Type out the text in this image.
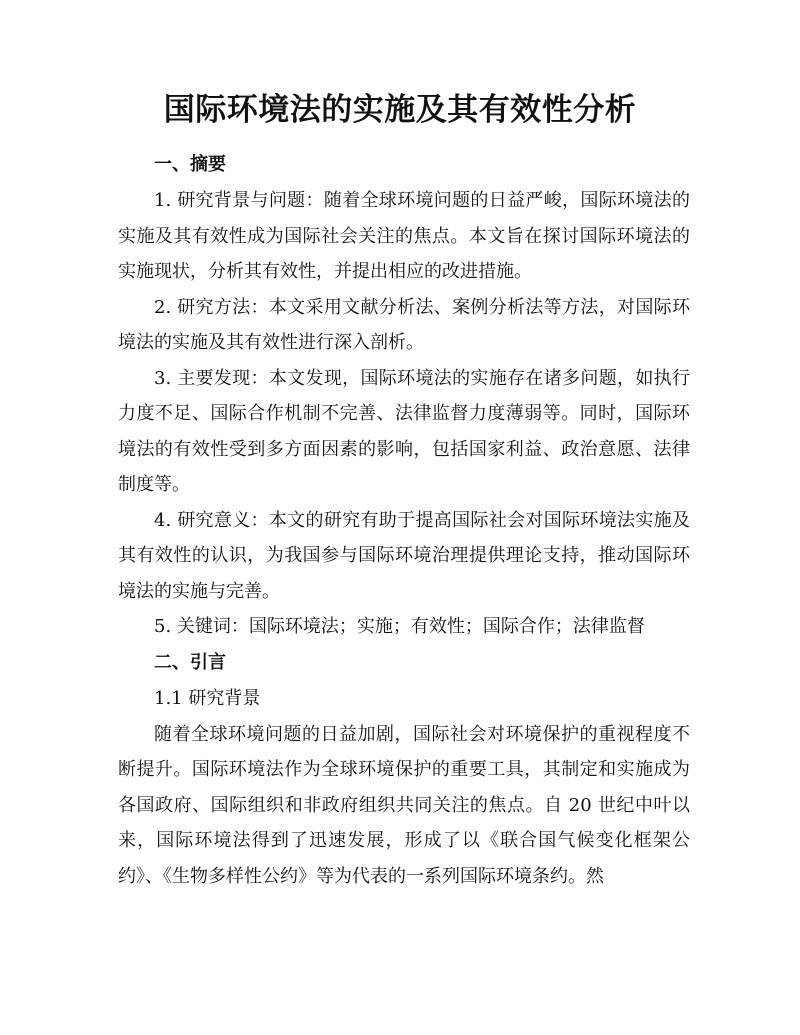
国际环境法的实施及其有效性分析

一、摘要

1. 研究背景与问题：随着全球环境问题的日益严峻，国际环境法的实施及其有效性成为国际社会关注的焦点。本文旨在探讨国际环境法的实施现状，分析其有效性，并提出相应的改进措施。

2. 研究方法：本文采用文献分析法、案例分析法等方法，对国际环境法的实施及其有效性进行深入剖析。

3. 主要发现：本文发现，国际环境法的实施存在诸多问题，如执行力度不足、国际合作机制不完善、法律监督力度薄弱等。同时，国际环境法的有效性受到多方面因素的影响，包括国家利益、政治意愿、法律制度等。

4. 研究意义：本文的研究有助于提高国际社会对国际环境法实施及其有效性的认识，为我国参与国际环境治理提供理论支持，推动国际环境法的实施与完善。

5. 关键词：国际环境法；实施；有效性；国际合作；法律监督

二、引言

1.1 研究背景

随着全球环境问题的日益加剧，国际社会对环境保护的重视程度不断提升。国际环境法作为全球环境保护的重要工具，其制定和实施成为各国政府、国际组织和非政府组织共同关注的焦点。自 20 世纪中叶以来，国际环境法得到了迅速发展，形成了以《联合国气候变化框架公约》、《生物多样性公约》等为代表的一系列国际环境条约。然
